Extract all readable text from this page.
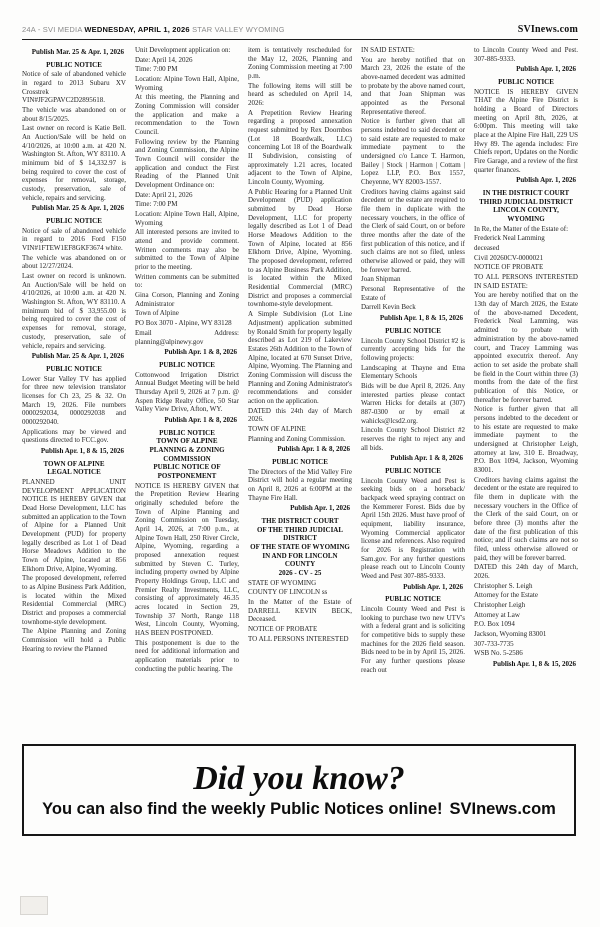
24A - SVI MEDIA WEDNESDAY, APRIL 1, 2026 STAR VALLEY WYOMING	SVInews.com
Publish Mar. 25 & Apr. 1, 2026
PUBLIC NOTICE
Notice of sale of abandoned vehicle in regard to 2013 Subaru XV Crosstrek VIN#JF2GPAVC2D2895618.
The vehicle was abandoned on or about 8/15/2025.
Last owner on record is Katie Bell. An Auction/Sale will be held on 4/10/2026, at 10:00 a.m. at 420 N. Washington St. Afton, WY 83110. A minimum bid of $ 14,332.97 is being required to cover the cost of expenses for removal, storage, custody, preservation, sale of vehicle, repairs and servicing.
Publish Mar. 25 & Apr. 1, 2026
PUBLIC NOTICE
Notice of sale of abandoned vehicle in regard to 2016 Ford F150 VIN#1FTEW1EF8GKF3674 white.
The vehicle was abandoned on or about 12/27/2024.
Last owner on record is unknown. An Auction/Sale will be held on 4/10/2026, at 10:00 a.m. at 420 N. Washington St. Afton, WY 83110. A minimum bid of $ 33,955.00 is being required to cover the cost of expenses for removal, storage, custody, preservation, sale of vehicle, repairs and servicing.
Publish Mar. 25 & Apr. 1, 2026
PUBLIC NOTICE
Lower Star Valley TV has applied for three new television translator licenses for Ch 23, 25 & 32. On March 19, 2026. File numbers 0000292034, 0000292038 and 0000292040.
Applications may be viewed and questions directed to FCC.gov.
Publish Apr. 1, 8 & 15, 2026
TOWN OF ALPINE
LEGAL NOTICE
PLANNED UNIT DEVELOPMENT APPLICATION NOTICE IS HEREBY GIVEN that Dead Horse Development, LLC has submitted an application to the Town of Alpine for a Planned Unit Development (PUD) for property legally described as Lot 1 of Dead Horse Meadows Addition to the Town of Alpine, located at 856 Elkhorn Drive, Alpine, Wyoming.
The proposed development, referred to as Alpine Business Park Addition, is located within the Mixed Residential Commercial (MRC) District and proposes a commercial townhome-style development.
The Alpine Planning and Zoning Commission will hold a Public Hearing to review the Planned
Unit Development application on:
Date: April 14, 2026
Time: 7:00 PM
Location: Alpine Town Hall, Alpine, Wyoming
At this meeting, the Planning and Zoning Commission will consider the application and make a recommendation to the Town Council.
Following review by the Planning and Zoning Commission, the Alpine Town Council will consider the application and conduct the First Reading of the Planned Unit Development Ordinance on:
Date: April 21, 2026
Time: 7:00 PM
Location: Alpine Town Hall, Alpine, Wyoming
All interested persons are invited to attend and provide comment. Written comments may also be submitted to the Town of Alpine prior to the meeting.
Written comments can be submitted to:
Gina Corson, Planning and Zoning Administrator
Town of Alpine
PO Box 3070 - Alpine, WY 83128
Email Address: planning@alpinewy.gov
Publish Apr. 1 & 8, 2026
PUBLIC NOTICE
Cottonwood Irrigation District Annual Budget Meeting will be held Thursday April 9, 2026 at 7 p.m. @ Aspen Ridge Realty Office, 50 Star Valley View Drive, Afton, WY.
Publish Apr. 1 & 8, 2026
PUBLIC NOTICE
TOWN OF ALPINE
PLANNING & ZONING
COMMISSION
PUBLIC NOTICE OF
POSTPONEMENT
NOTICE IS HEREBY GIVEN that the Prepetition Review Hearing originally scheduled before the Town of Alpine Planning and Zoning Commission on Tuesday, April 14, 2026, at 7:00 p.m., at Alpine Town Hall, 250 River Circle, Alpine, Wyoming, regarding a proposed annexation request submitted by Steven C. Turley, including property owned by Alpine Property Holdings Group, LLC and Premier Realty Investments, LLC, consisting of approximately 46.35 acres located in Section 29, Township 37 North, Range 118 West, Lincoln County, Wyoming, HAS BEEN POSTPONED.
This postponement is due to the need for additional information and application materials prior to conducting the public hearing. The
item is tentatively rescheduled for the May 12, 2026, Planning and Zoning Commission meeting at 7:00 p.m.
The following items will still be heard as scheduled on April 14, 2026:
A Prepetition Review Hearing regarding a proposed annexation request submitted by Rex Doornbos (Lot 18 Boardwalk, LLC) concerning Lot 18 of the Boardwalk II Subdivision, consisting of approximately 1.21 acres, located adjacent to the Town of Alpine, Lincoln County, Wyoming.
A Public Hearing for a Planned Unit Development (PUD) application submitted by Dead Horse Development, LLC for property legally described as Lot 1 of Dead Horse Meadows Addition to the Town of Alpine, located at 856 Elkhorn Drive, Alpine, Wyoming. The proposed development, referred to as Alpine Business Park Addition, is located within the Mixed Residential Commercial (MRC) District and proposes a commercial townhome-style development.
A Simple Subdivision (Lot Line Adjustment) application submitted by Ronald Smith for property legally described as Lot 219 of Lakeview Estates 26th Addition to the Town of Alpine, located at 670 Sunset Drive, Alpine, Wyoming. The Planning and Zoning Commission will discuss the Planning and Zoning Administrator's recommendations and consider action on the application.
DATED this 24th day of March 2026.
TOWN OF ALPINE
Planning and Zoning Commission.
Publish Apr. 1 & 8, 2026
PUBLIC NOTICE
The Directors of the Mid Valley Fire District will hold a regular meeting on April 8, 2026 at 6:00PM at the Thayne Fire Hall.
Publish Apr. 1, 2026
THE DISTRICT COURT
OF THE THIRD JUDICIAL
DISTRICT
OF THE STATE OF WYOMING
IN AND FOR LINCOLN
COUNTY
2026 - CV - 25
STATE OF WYOMING
COUNTY OF LINCOLN ss
In the Matter of the Estate of DARRELL KEVIN BECK, Deceased.
NOTICE OF PROBATE
TO ALL PERSONS INTERESTED
IN SAID ESTATE:
You are hereby notified that on March 23, 2026 the estate of the above-named decedent was admitted to probate by the above named court, and that Joan Shipman was appointed as the Personal Representative thereof.
Notice is further given that all persons indebted to said decedent or to said estate are requested to make immediate payment to the undersigned c/o Lance T. Harmon, Bailey | Stock | Harmon | Cottam | Lopez LLP, P.O. Box 1557, Cheyenne, WY 82003-1557.
Creditors having claims against said decedent or the estate are required to file them in duplicate with the necessary vouchers, in the office of the Clerk of said Court, on or before three months after the date of the first publication of this notice, and if such claims are not so filed, unless otherwise allowed or paid, they will be forever barred.
Joan Shipman
Personal Representative of the Estate of
Darrell Kevin Beck
Publish Apr. 1, 8 & 15, 2026
PUBLIC NOTICE
Lincoln County School District #2 is currently accepting bids for the following projects:
Landscaping at Thayne and Etna Elementary Schools
Bids will be due April 8, 2026. Any interested parties please contact Warren Hicks for details at (307) 887-0300 or by email at wahicks@lcsd2.org.
Lincoln County School District #2 reserves the right to reject any and all bids.
Publish Apr. 1 & 8, 2026
PUBLIC NOTICE
Lincoln County Weed and Pest is seeking bids on a horseback/ backpack weed spraying contract on the Kemmerer Forest. Bids due by April 15th 2026. Must have proof of equipment, liability insurance, Wyoming Commercial applicator license and references. Also required for 2026 is Registration with Sam.gov. For any further questions please reach out to Lincoln County Weed and Pest 307-885-9333.
Publish Apr. 1, 2026
PUBLIC NOTICE
Lincoln County Weed and Pest is looking to purchase two new UTV's with a federal grant and is soliciting for competitive bids to supply these machines for the 2026 field season. Bids need to be in by April 15, 2026. For any further questions please reach out
to Lincoln County Weed and Pest. 307-885-9333.
Publish Apr. 1, 2026
PUBLIC NOTICE
NOTICE IS HEREBY GIVEN THAT the Alpine Fire District is holding a Board of Directors meeting on April 8th, 2026, at 6:00pm. This meeting will take place at the Alpine Fire Hall, 229 US Hwy 89. The agenda includes: Fire Chiefs report, Updates on the Nordic Fire Garage, and a review of the first quarter finances.
Publish Apr. 1, 2026
IN THE DISTRICT COURT
THIRD JUDICIAL DISTRICT
LINCOLN COUNTY,
WYOMING
In Re, the Matter of the Estate of:
Frederick Neal Lamming
deceased
Civil 20260CV-0000021
NOTICE OF PROBATE
TO ALL PERSONS INTERESTED IN SAID ESTATE:
You are hereby notified that on the 13th day of March 2026, the Estate of the above-named Decedent, Frederick Neal Lamming, was admitted to probate with administration by the above-named court, and Tracey Lamming was appointed executrix thereof. Any action to set aside the probate shall be field in the Court within three (3) months from the date of the first publication of this Notice, or thereafter be forever barred.
Notice is further given that all persons indebted to the decedent or to his estate are requested to make immediate payment to the undersigned at Christopher Leigh, attorney at law, 310 E. Broadway, P.O. Box 1094, Jackson, Wyoming 83001.
Creditors having claims against the decedent or the estate are required to file them in duplicate with the necessary vouchers in the Office of the Clerk of the said Court, on or before three (3) months after the date of the first publication of this notice; and if such claims are not so filed, unless otherwise allowed or paid, they will be forever barred.
DATED this 24th day of March, 2026.
Christopher S. Leigh
Attorney for the Estate
Christopher Leigh
Attorney at Law
P.O. Box 1094
Jackson, Wyoming 83001
307-733-7735
WSB No. 5-2586
Publish Apr. 1, 8 & 15, 2026
Did you know?
You can also find the weekly Public Notices online! SVInews.com
